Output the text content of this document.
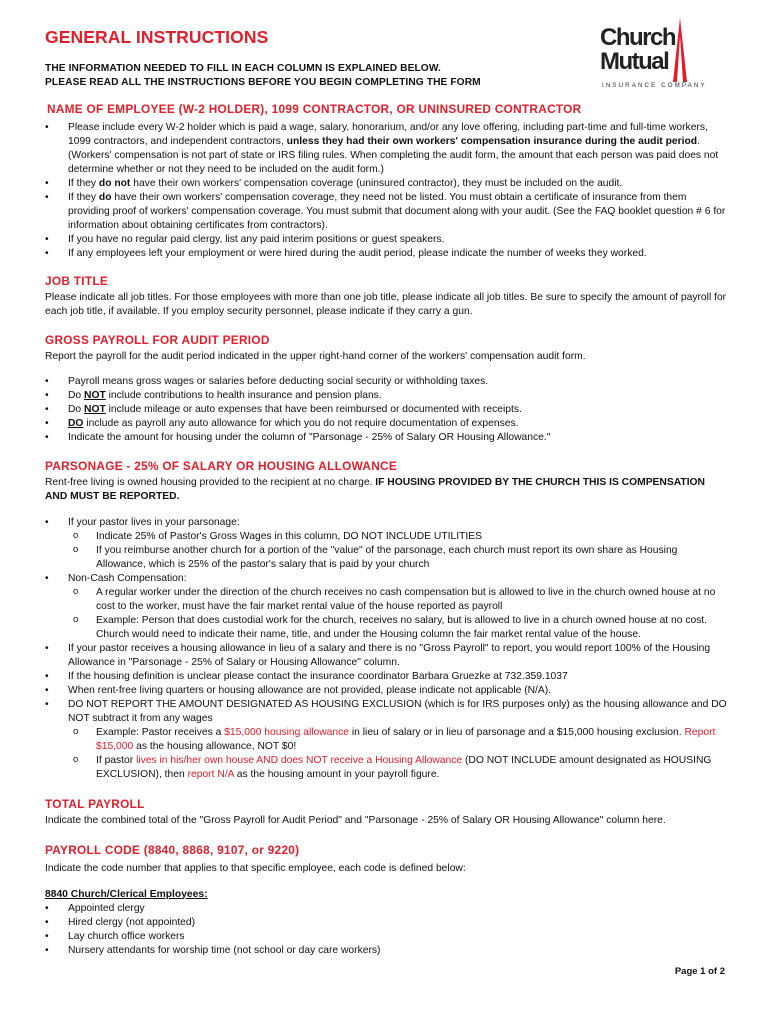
Church
Mutual
INSURANCE COMPANY
GENERAL INSTRUCTIONS

THE INFORMATION NEEDED TO FILL IN EACH COLUMN IS EXPLAINED BELOW.

PLEASE READ ALL THE INSTRUCTIONS BEFORE YOU BEGIN COMPLETING THE FORM

NAME OF EMPLOYEE (W-2 HOLDER), 1099 CONTRACTOR, OR UNINSURED CONTRACTOR
• Please include every W-2 holder which is paid a wage, salary, honorarium, and/or any love offering, including part-time and full-time workers, 1099 contractors, and independent contractors, unless they had their own workers' compensation insurance during the audit period. (Workers' compensation is not part of state or IRS filing rules. When completing the audit form, the amount that each person was paid does not determine whether or not they need to be included on the audit form.)
• If they do not have their own workers' compensation coverage (uninsured contractor), they must be included on the audit.
• If they do have their own workers' compensation coverage, they need not be listed. You must obtain a certificate of insurance from them providing proof of workers' compensation coverage. You must submit that document along with your audit. (See the FAQ booklet question # 6 for information about obtaining certificates from contractors).
• If you have no regular paid clergy, list any paid interim positions or guest speakers.
• If any employees left your employment or were hired during the audit period, please indicate the number of weeks they worked.
JOB TITLE

Please indicate all job titles. For those employees with more than one job title, please indicate all job titles. Be sure to specify the amount of payroll for each job title, if available. If you employ security personnel, please indicate if they carry a gun.

GROSS PAYROLL FOR AUDIT PERIOD

Report the payroll for the audit period indicated in the upper right-hand corner of the workers' compensation audit form.

• Payroll means gross wages or salaries before deducting social security or withholding taxes.
• Do NOT include contributions to health insurance and pension plans.
• Do NOT include mileage or auto expenses that have been reimbursed or documented with receipts.
• DO include as payroll any auto allowance for which you do not require documentation of expenses.
• Indicate the amount for housing under the column of "Parsonage - 25% of Salary OR Housing Allowance."
PARSONAGE - 25% OF SALARY OR HOUSING ALLOWANCE

Rent-free living is owned housing provided to the recipient at no charge. IF HOUSING PROVIDED BY THE CHURCH THIS IS COMPENSATION AND MUST BE REPORTED.

• If your pastor lives in your parsonage:
o Indicate 25% of Pastor's Gross Wages in this column, DO NOT INCLUDE UTILITIES
o If you reimburse another church for a portion of the "value" of the parsonage, each church must report its own share as Housing Allowance, which is 25% of the pastor's salary that is paid by your church
• Non-Cash Compensation:
o A regular worker under the direction of the church receives no cash compensation but is allowed to live in the church owned house at no cost to the worker, must have the fair market rental value of the house reported as payroll
o Example: Person that does custodial work for the church, receives no salary, but is allowed to live in a church owned house at no cost. Church would need to indicate their name, title, and under the Housing column the fair market rental value of the house.
• If your pastor receives a housing allowance in lieu of a salary and there is no "Gross Payroll" to report, you would report 100% of the Housing Allowance in "Parsonage - 25% of Salary or Housing Allowance" column.
• If the housing definition is unclear please contact the insurance coordinator Barbara Gruezke at 732.359.1037
• When rent-free living quarters or housing allowance are not provided, please indicate not applicable (N/A).
• DO NOT REPORT THE AMOUNT DESIGNATED AS HOUSING EXCLUSION (which is for IRS purposes only) as the housing allowance and DO NOT subtract it from any wages
o Example: Pastor receives a $15,000 housing allowance in lieu of salary or in lieu of parsonage and a $15,000 housing exclusion. Report $15,000 as the housing allowance, NOT $0!
o If pastor lives in his/her own house AND does NOT receive a Housing Allowance (DO NOT INCLUDE amount designated as HOUSING EXCLUSION), then report N/A as the housing amount in your payroll figure.
TOTAL PAYROLL

Indicate the combined total of the "Gross Payroll for Audit Period" and "Parsonage - 25% of Salary OR Housing Allowance" column here.

PAYROLL CODE (8840, 8868, 9107, or 9220)

Indicate the code number that applies to that specific employee, each code is defined below:

8840 Church/Clerical Employees:

• Appointed clergy
• Hired clergy (not appointed)
• Lay church office workers
• Nursery attendants for worship time (not school or day care workers)
Page 1 of 2
